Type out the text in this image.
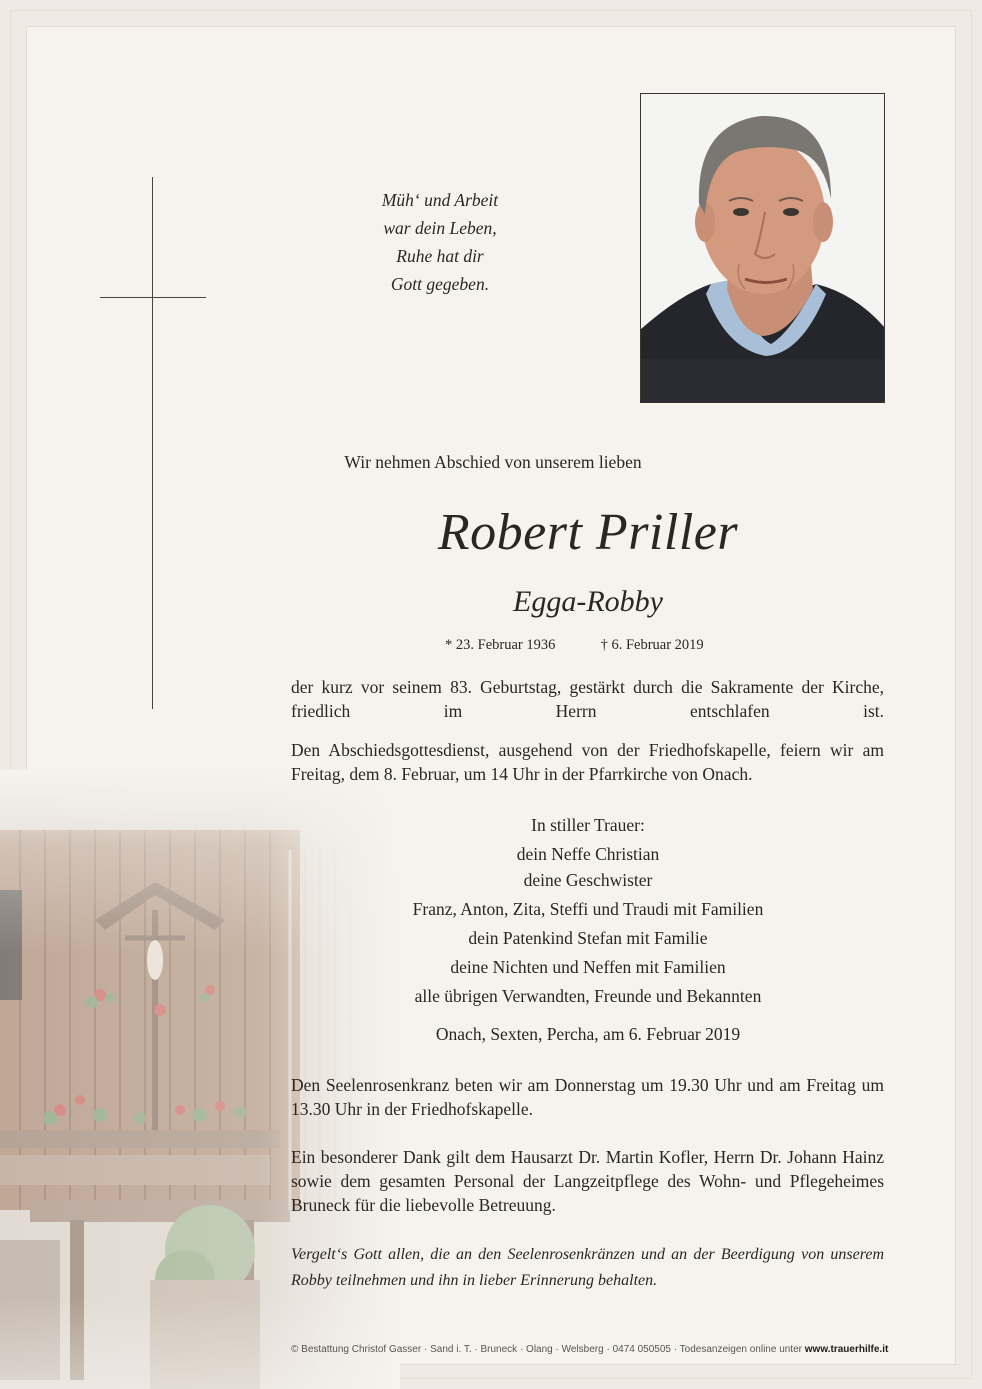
Müh‘ und Arbeit
war dein Leben,
Ruhe hat dir
Gott gegeben.
Wir nehmen Abschied von unserem lieben
Robert Priller
Egga-Robby
* 23. Februar 1936	† 6. Februar 2019
der kurz vor seinem 83. Geburtstag, gestärkt durch die Sakramente der Kirche, friedlich im Herrn entschlafen ist.
Den Abschiedsgottesdienst, ausgehend von der Friedhofskapelle, feiern wir am Freitag, dem 8. Februar, um 14 Uhr in der Pfarrkirche von Onach.
In stiller Trauer:
dein Neffe Christian
deine Geschwister
Franz, Anton, Zita, Steffi und Traudi mit Familien
dein Patenkind Stefan mit Familie
deine Nichten und Neffen mit Familien
alle übrigen Verwandten, Freunde und Bekannten
Onach, Sexten, Percha, am 6. Februar 2019
Den Seelenrosenkranz beten wir am Donnerstag um 19.30 Uhr und am Freitag um 13.30 Uhr in der Friedhofskapelle.
Ein besonderer Dank gilt dem Hausarzt Dr. Martin Kofler, Herrn Dr. Johann Hainz sowie dem gesamten Personal der Langzeitpflege des Wohn- und Pflegeheimes Bruneck für die liebevolle Betreuung.
Vergelt‘s Gott allen, die an den Seelenrosenkränzen und an der Beerdigung von unserem Robby teilnehmen und ihn in lieber Erinnerung behalten.
© Bestattung Christof Gasser · Sand i. T. · Bruneck · Olang · Welsberg · 0474 050505 · Todesanzeigen online unter www.trauerhilfe.it
